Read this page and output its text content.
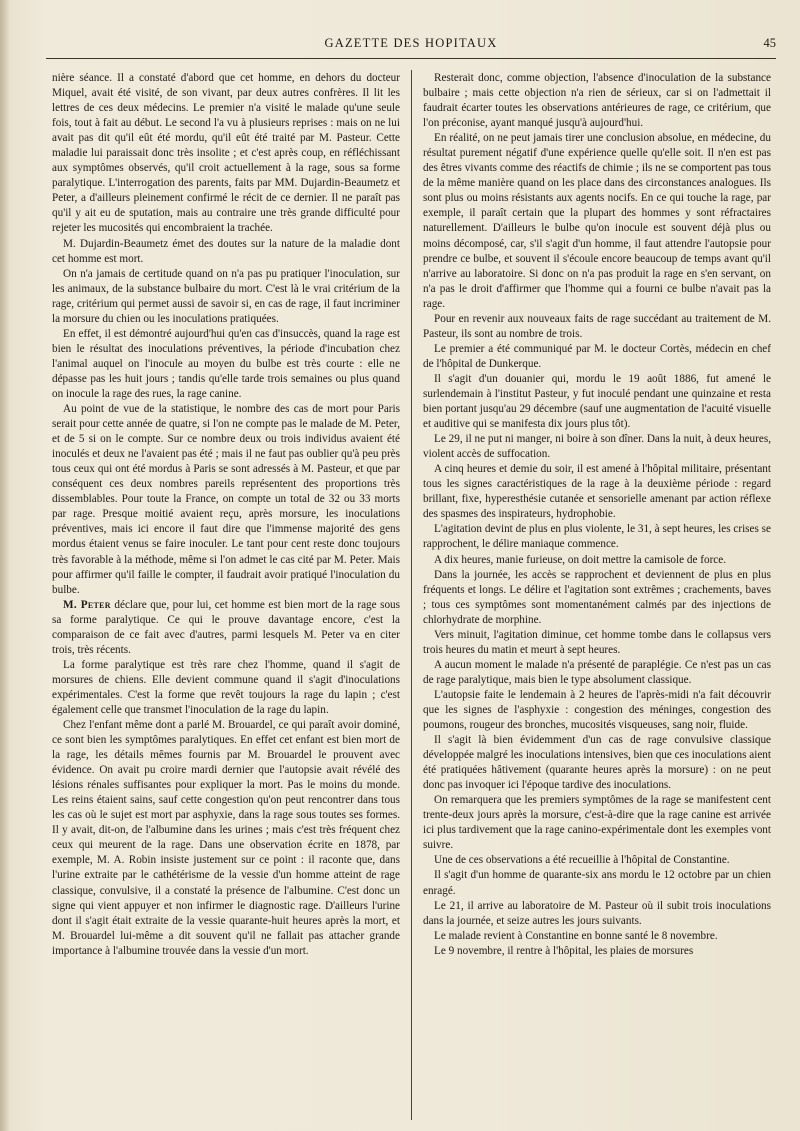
GAZETTE DES HOPITAUX	45

nière séance. Il a constaté d'abord que cet homme, en dehors du docteur Miquel, avait été visité, de son vivant, par deux autres confrères. Il lit les lettres de ces deux médecins. Le premier n'a visité le malade qu'une seule fois, tout à fait au début. Le second l'a vu à plusieurs reprises : mais on ne lui avait pas dit qu'il eût été mordu, qu'il eût été traité par M. Pasteur. Cette maladie lui paraissait donc très insolite ; et c'est après coup, en réfléchissant aux symptômes observés, qu'il croit actuellement à la rage, sous sa forme paralytique. L'interrogation des parents, faits par MM. Dujardin-Beaumetz et Peter, a d'ailleurs pleinement confirmé le récit de ce dernier. Il ne paraît pas qu'il y ait eu de sputation, mais au contraire une très grande difficulté pour rejeter les mucosités qui encombraient la trachée.

M. Dujardin-Beaumetz émet des doutes sur la nature de la maladie dont cet homme est mort.

On n'a jamais de certitude quand on n'a pas pu pratiquer l'inoculation, sur les animaux, de la substance bulbaire du mort. C'est là le vrai critérium de la rage, critérium qui permet aussi de savoir si, en cas de rage, il faut incriminer la morsure du chien ou les inoculations pratiquées.

En effet, il est démontré aujourd'hui qu'en cas d'insuccès, quand la rage est bien le résultat des inoculations préventives, la période d'incubation chez l'animal auquel on l'inocule au moyen du bulbe est très courte : elle ne dépasse pas les huit jours ; tandis qu'elle tarde trois semaines ou plus quand on inocule la rage des rues, la rage canine.

Au point de vue de la statistique, le nombre des cas de mort pour Paris serait pour cette année de quatre, si l'on ne compte pas le malade de M. Peter, et de 5 si on le compte. Sur ce nombre deux ou trois individus avaient été inoculés et deux ne l'avaient pas été ; mais il ne faut pas oublier qu'à peu près tous ceux qui ont été mordus à Paris se sont adressés à M. Pasteur, et que par conséquent ces deux nombres pareils représentent des proportions très dissemblables. Pour toute la France, on compte un total de 32 ou 33 morts par rage. Presque moitié avaient reçu, après morsure, les inoculations préventives, mais ici encore il faut dire que l'immense majorité des gens mordus étaient venus se faire inoculer. Le tant pour cent reste donc toujours très favorable à la méthode, même si l'on admet le cas cité par M. Peter. Mais pour affirmer qu'il faille le compter, il faudrait avoir pratiqué l'inoculation du bulbe.

M. Peter déclare que, pour lui, cet homme est bien mort de la rage sous sa forme paralytique. Ce qui le prouve davantage encore, c'est la comparaison de ce fait avec d'autres, parmi lesquels M. Peter va en citer trois, très récents.

La forme paralytique est très rare chez l'homme, quand il s'agit de morsures de chiens. Elle devient commune quand il s'agit d'inoculations expérimentales. C'est la forme que revêt toujours la rage du lapin ; c'est également celle que transmet l'inoculation de la rage du lapin.

Chez l'enfant même dont a parlé M. Brouardel, ce qui paraît avoir dominé, ce sont bien les symptômes paralytiques. En effet cet enfant est bien mort de la rage, les détails mêmes fournis par M. Brouardel le prouvent avec évidence. On avait pu croire mardi dernier que l'autopsie avait révélé des lésions rénales suffisantes pour expliquer la mort. Pas le moins du monde. Les reins étaient sains, sauf cette congestion qu'on peut rencontrer dans tous les cas où le sujet est mort par asphyxie, dans la rage sous toutes ses formes. Il y avait, dit-on, de l'albumine dans les urines ; mais c'est très fréquent chez ceux qui meurent de la rage. Dans une observation écrite en 1878, par exemple, M. A. Robin insiste justement sur ce point : il raconte que, dans l'urine extraite par le cathétérisme de la vessie d'un homme atteint de rage classique, convulsive, il a constaté la présence de l'albumine. C'est donc un signe qui vient appuyer et non infirmer le diagnostic rage. D'ailleurs l'urine dont il s'agit était extraite de la vessie quarante-huit heures après la mort, et M. Brouardel lui-même a dit souvent qu'il ne fallait pas attacher grande importance à l'albumine trouvée dans la vessie d'un mort.

Resterait donc, comme objection, l'absence d'inoculation de la substance bulbaire ; mais cette objection n'a rien de sérieux, car si on l'admettait il faudrait écarter toutes les observations antérieures de rage, ce critérium, que l'on préconise, ayant manqué jusqu'à aujourd'hui.

En réalité, on ne peut jamais tirer une conclusion absolue, en médecine, du résultat purement négatif d'une expérience quelle qu'elle soit. Il n'en est pas des êtres vivants comme des réactifs de chimie ; ils ne se comportent pas tous de la même manière quand on les place dans des circonstances analogues. Ils sont plus ou moins résistants aux agents nocifs. En ce qui touche la rage, par exemple, il paraît certain que la plupart des hommes y sont réfractaires naturellement. D'ailleurs le bulbe qu'on inocule est souvent déjà plus ou moins décomposé, car, s'il s'agit d'un homme, il faut attendre l'autopsie pour prendre ce bulbe, et souvent il s'écoule encore beaucoup de temps avant qu'il n'arrive au laboratoire. Si donc on n'a pas produit la rage en s'en servant, on n'a pas le droit d'affirmer que l'homme qui a fourni ce bulbe n'avait pas la rage.

Pour en revenir aux nouveaux faits de rage succédant au traitement de M. Pasteur, ils sont au nombre de trois.

Le premier a été communiqué par M. le docteur Cortès, médecin en chef de l'hôpital de Dunkerque.

Il s'agit d'un douanier qui, mordu le 19 août 1886, fut amené le surlendemain à l'institut Pasteur, y fut inoculé pendant une quinzaine et resta bien portant jusqu'au 29 décembre (sauf une augmentation de l'acuité visuelle et auditive qui se manifesta dix jours plus tôt).

Le 29, il ne put ni manger, ni boire à son dîner. Dans la nuit, à deux heures, violent accès de suffocation.

A cinq heures et demie du soir, il est amené à l'hôpital militaire, présentant tous les signes caractéristiques de la rage à la deuxième période : regard brillant, fixe, hyperesthésie cutanée et sensorielle amenant par action réflexe des spasmes des inspirateurs, hydrophobie.

L'agitation devint de plus en plus violente, le 31, à sept heures, les crises se rapprochent, le délire maniaque commence.

A dix heures, manie furieuse, on doit mettre la camisole de force.

Dans la journée, les accès se rapprochent et deviennent de plus en plus fréquents et longs. Le délire et l'agitation sont extrêmes ; crachements, baves ; tous ces symptômes sont momentanément calmés par des injections de chlorhydrate de morphine.

Vers minuit, l'agitation diminue, cet homme tombe dans le collapsus vers trois heures du matin et meurt à sept heures.

A aucun moment le malade n'a présenté de paraplégie. Ce n'est pas un cas de rage paralytique, mais bien le type absolument classique.

L'autopsie faite le lendemain à 2 heures de l'après-midi n'a fait découvrir que les signes de l'asphyxie : congestion des méninges, congestion des poumons, rougeur des bronches, mucosités visqueuses, sang noir, fluide.

Il s'agit là bien évidemment d'un cas de rage convulsive classique développée malgré les inoculations intensives, bien que ces inoculations aient été pratiquées hâtivement (quarante heures après la morsure) : on ne peut donc pas invoquer ici l'époque tardive des inoculations.

On remarquera que les premiers symptômes de la rage se manifestent cent trente-deux jours après la morsure, c'est-à-dire que la rage canine est arrivée ici plus tardivement que la rage canino-expérimentale dont les exemples vont suivre.

Une de ces observations a été recueillie à l'hôpital de Constantine.

Il s'agit d'un homme de quarante-six ans mordu le 12 octobre par un chien enragé.

Le 21, il arrive au laboratoire de M. Pasteur où il subit trois inoculations dans la journée, et seize autres les jours suivants.

Le malade revient à Constantine en bonne santé le 8 novembre.

Le 9 novembre, il rentre à l'hôpital, les plaies de morsures
